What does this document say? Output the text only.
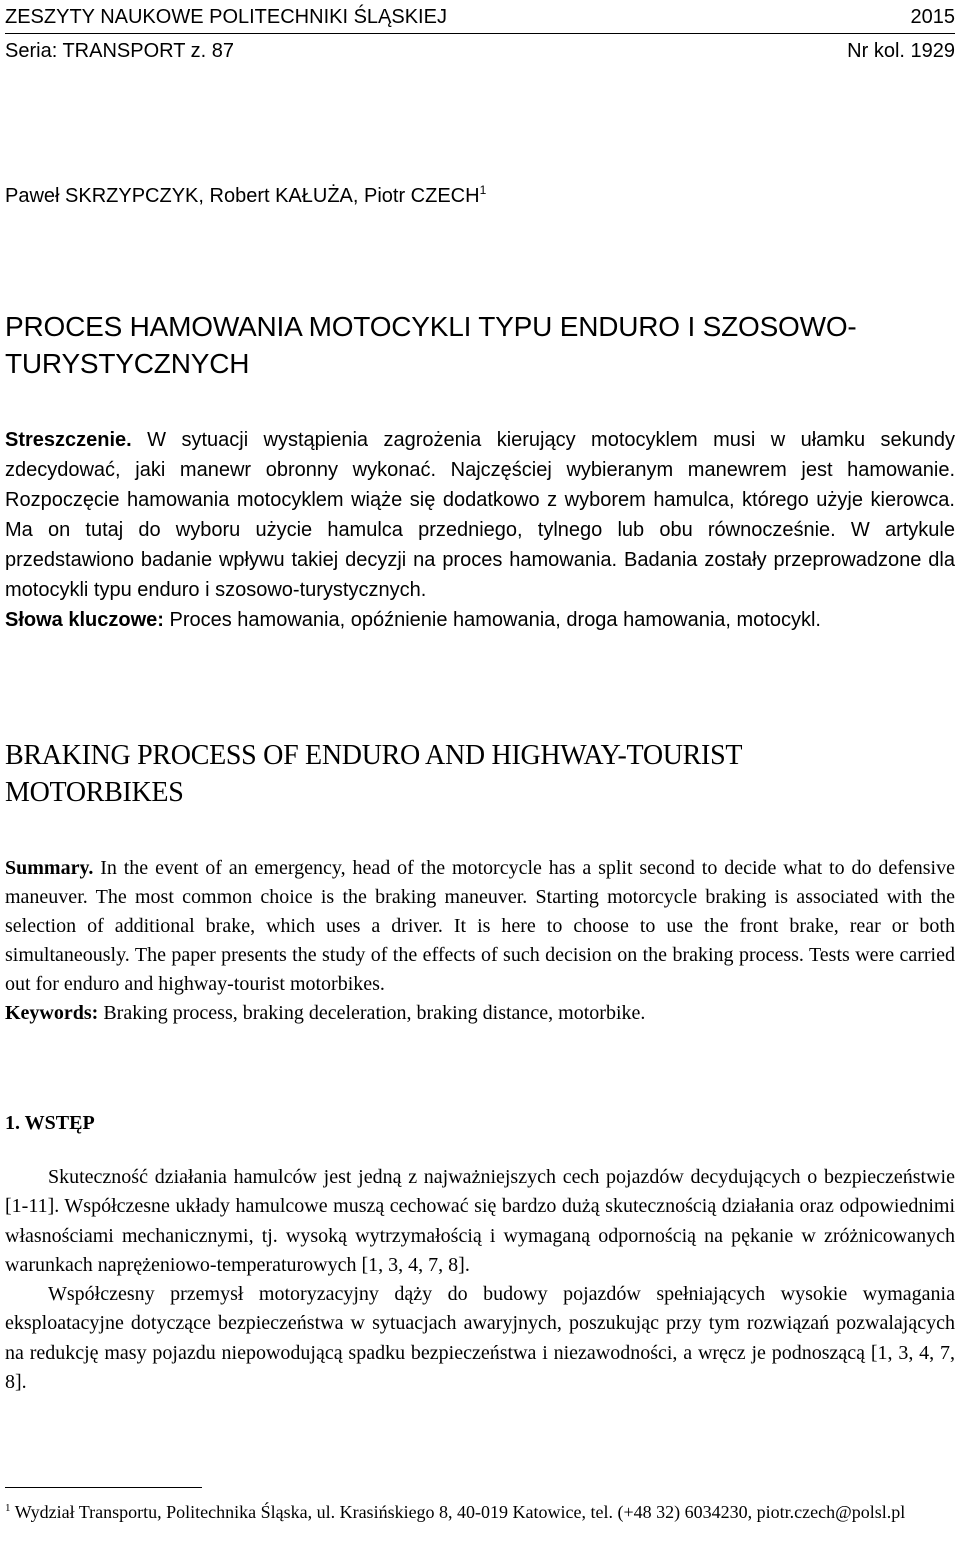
ZESZYTY NAUKOWE POLITECHNIKI ŚLĄSKIEJ	2015
Seria: TRANSPORT z. 87	Nr kol. 1929
Paweł SKRZYPCZYK, Robert KAŁUŻA, Piotr CZECH$^1$
PROCES HAMOWANIA MOTOCYKLI TYPU ENDURO I SZOSOWO-
TURYSTYCZNYCH

Streszczenie. W sytuacji wystąpienia zagrożenia kierujący motocyklem musi w ułamku sekundy zdecydować, jaki manewr obronny wykonać. Najczęściej wybieranym manewrem jest hamowanie. Rozpoczęcie hamowania motocyklem wiąże się dodatkowo z wyborem hamulca, którego użyje kierowca. Ma on tutaj do wyboru użycie hamulca przedniego, tylnego lub obu równocześnie. W artykule przedstawiono badanie wpływu takiej decyzji na proces hamowania. Badania zostały przeprowadzone dla motocykli typu enduro i szosowo-turystycznych.

Słowa kluczowe: Proces hamowania, opóźnienie hamowania, droga hamowania, motocykl.

BRAKING PROCESS OF ENDURO AND HIGHWAY-TOURIST
MOTORBIKES

Summary. In the event of an emergency, head of the motorcycle has a split second to decide what to do defensive maneuver. The most common choice is the braking maneuver. Starting motorcycle braking is associated with the selection of additional brake, which uses a driver. It is here to choose to use the front brake, rear or both simultaneously. The paper presents the study of the effects of such decision on the braking process. Tests were carried out for enduro and highway-tourist motorbikes.

Keywords: Braking process, braking deceleration, braking distance, motorbike.

1. WSTĘP

Skuteczność działania hamulców jest jedną z najważniejszych cech pojazdów decydujących o bezpieczeństwie [1-11]. Współczesne układy hamulcowe muszą cechować się bardzo dużą skutecznością działania oraz odpowiednimi własnościami mechanicznymi, tj. wysoką wytrzymałością i wymaganą odpornością na pękanie w zróżnicowanych warunkach naprężeniowo-temperaturowych [1, 3, 4, 7, 8].

Współczesny przemysł motoryzacyjny dąży do budowy pojazdów spełniających wysokie wymagania eksploatacyjne dotyczące bezpieczeństwa w sytuacjach awaryjnych, poszukując przy tym rozwiązań pozwalających na redukcję masy pojazdu niepowodującą spadku bezpieczeństwa i niezawodności, a wręcz je podnoszącą [1, 3, 4, 7, 8].

$^1$ Wydział Transportu, Politechnika Śląska, ul. Krasińskiego 8, 40-019 Katowice, tel. (+48 32) 6034230, piotr.czech@polsl.pl
